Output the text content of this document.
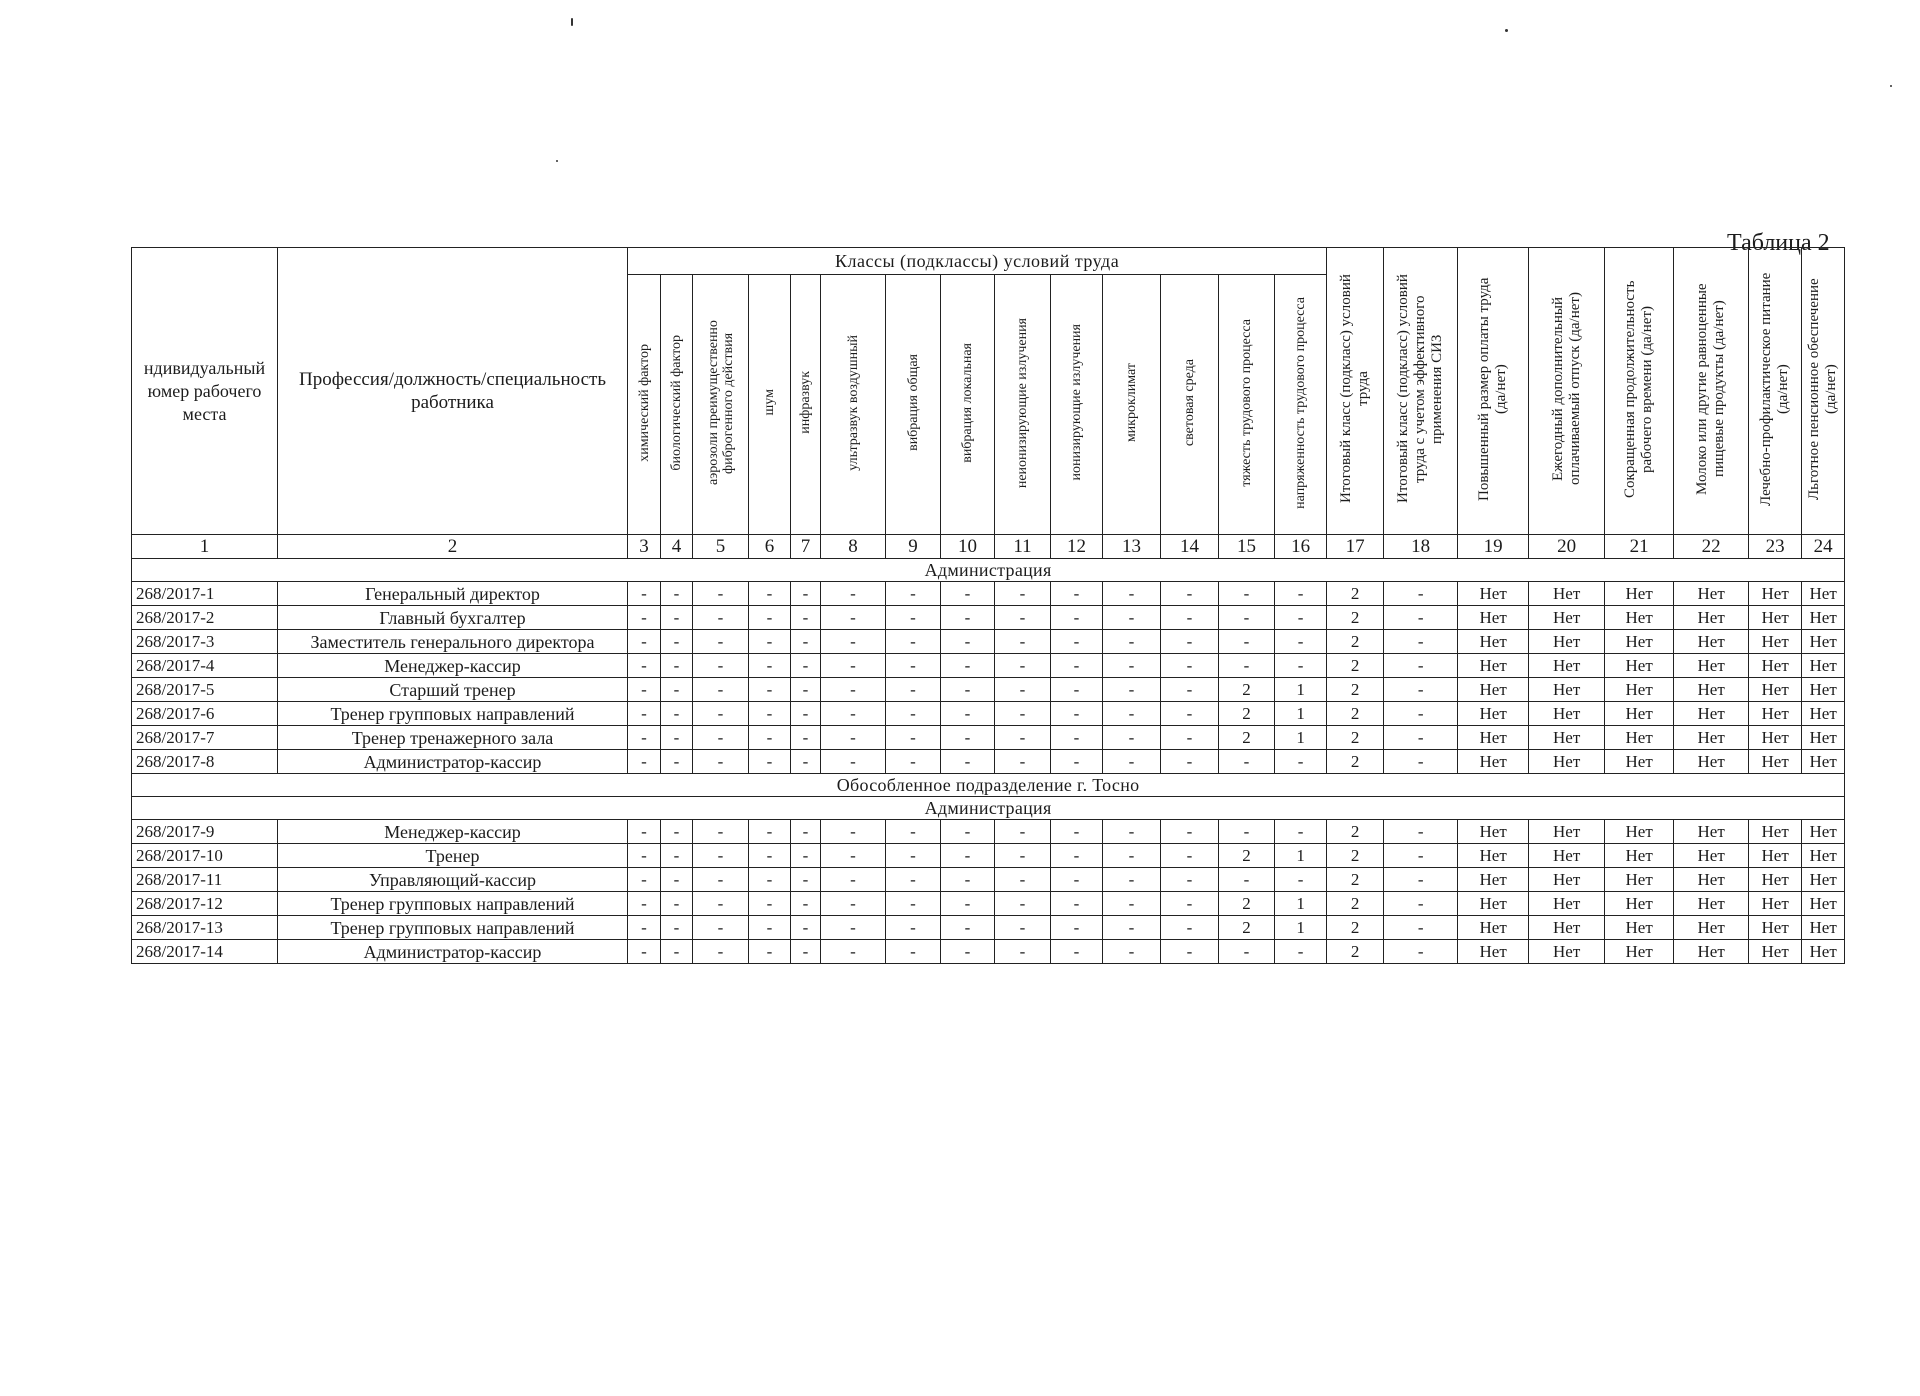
Таблица 2
ндивидуальный юмер рабочего места	Профессия/должность/специальность работника	Классы (подклассы) условий труда														Итоговый класс (подкласс) условий труда	Итоговый класс (подкласс) условий труда с учетом эффективного применения СИЗ	Повышенный размер оплаты труда (да/нет)	Ежегодный дополнительный оплачиваемый отпуск (да/нет)	Сокращенная продолжительность рабочего времени (да/нет)	Молоко или другие равноценные пищевые продукты (да/нет)	Лечебно-профилактическое питание (да/нет)	Льготное пенсионное обеспечение (да/нет)
		химический фактор	биологический фактор	аэрозоли преимущественно фиброгенного действия	шум	инфразвук	ультразвук воздушный	вибрация общая	вибрация локальная	неионизирующие излучения	ионизирующие излучения	микроклимат	световая среда	тяжесть трудового процесса	напряженность трудового процесса								
1	2	3	4	5	6	7	8	9	10	11	12	13	14	15	16	17	18	19	20	21	22	23	24
Администрация																							
268/2017-1	Генеральный директор	-	-	-	-	-	-	-	-	-	-	-	-	-	-	2	-	Нет	Нет	Нет	Нет	Нет	Нет
268/2017-2	Главный бухгалтер	-	-	-	-	-	-	-	-	-	-	-	-	-	-	2	-	Нет	Нет	Нет	Нет	Нет	Нет
268/2017-3	Заместитель генерального директора	-	-	-	-	-	-	-	-	-	-	-	-	-	-	2	-	Нет	Нет	Нет	Нет	Нет	Нет
268/2017-4	Менеджер-кассир	-	-	-	-	-	-	-	-	-	-	-	-	-	-	2	-	Нет	Нет	Нет	Нет	Нет	Нет
268/2017-5	Старший тренер	-	-	-	-	-	-	-	-	-	-	-	-	2	1	2	-	Нет	Нет	Нет	Нет	Нет	Нет
268/2017-6	Тренер групповых направлений	-	-	-	-	-	-	-	-	-	-	-	-	2	1	2	-	Нет	Нет	Нет	Нет	Нет	Нет
268/2017-7	Тренер тренажерного зала	-	-	-	-	-	-	-	-	-	-	-	-	2	1	2	-	Нет	Нет	Нет	Нет	Нет	Нет
268/2017-8	Администратор-кассир	-	-	-	-	-	-	-	-	-	-	-	-	-	-	2	-	Нет	Нет	Нет	Нет	Нет	Нет
Обособленное подразделение г. Тосно																							
Администрация																							
268/2017-9	Менеджер-кассир	-	-	-	-	-	-	-	-	-	-	-	-	-	-	2	-	Нет	Нет	Нет	Нет	Нет	Нет
268/2017-10	Тренер	-	-	-	-	-	-	-	-	-	-	-	-	2	1	2	-	Нет	Нет	Нет	Нет	Нет	Нет
268/2017-11	Управляющий-кассир	-	-	-	-	-	-	-	-	-	-	-	-	-	-	2	-	Нет	Нет	Нет	Нет	Нет	Нет
268/2017-12	Тренер групповых направлений	-	-	-	-	-	-	-	-	-	-	-	-	2	1	2	-	Нет	Нет	Нет	Нет	Нет	Нет
268/2017-13	Тренер групповых направлений	-	-	-	-	-	-	-	-	-	-	-	-	2	1	2	-	Нет	Нет	Нет	Нет	Нет	Нет
268/2017-14	Администратор-кассир	-	-	-	-	-	-	-	-	-	-	-	-	-	-	2	-	Нет	Нет	Нет	Нет	Нет	Нет
